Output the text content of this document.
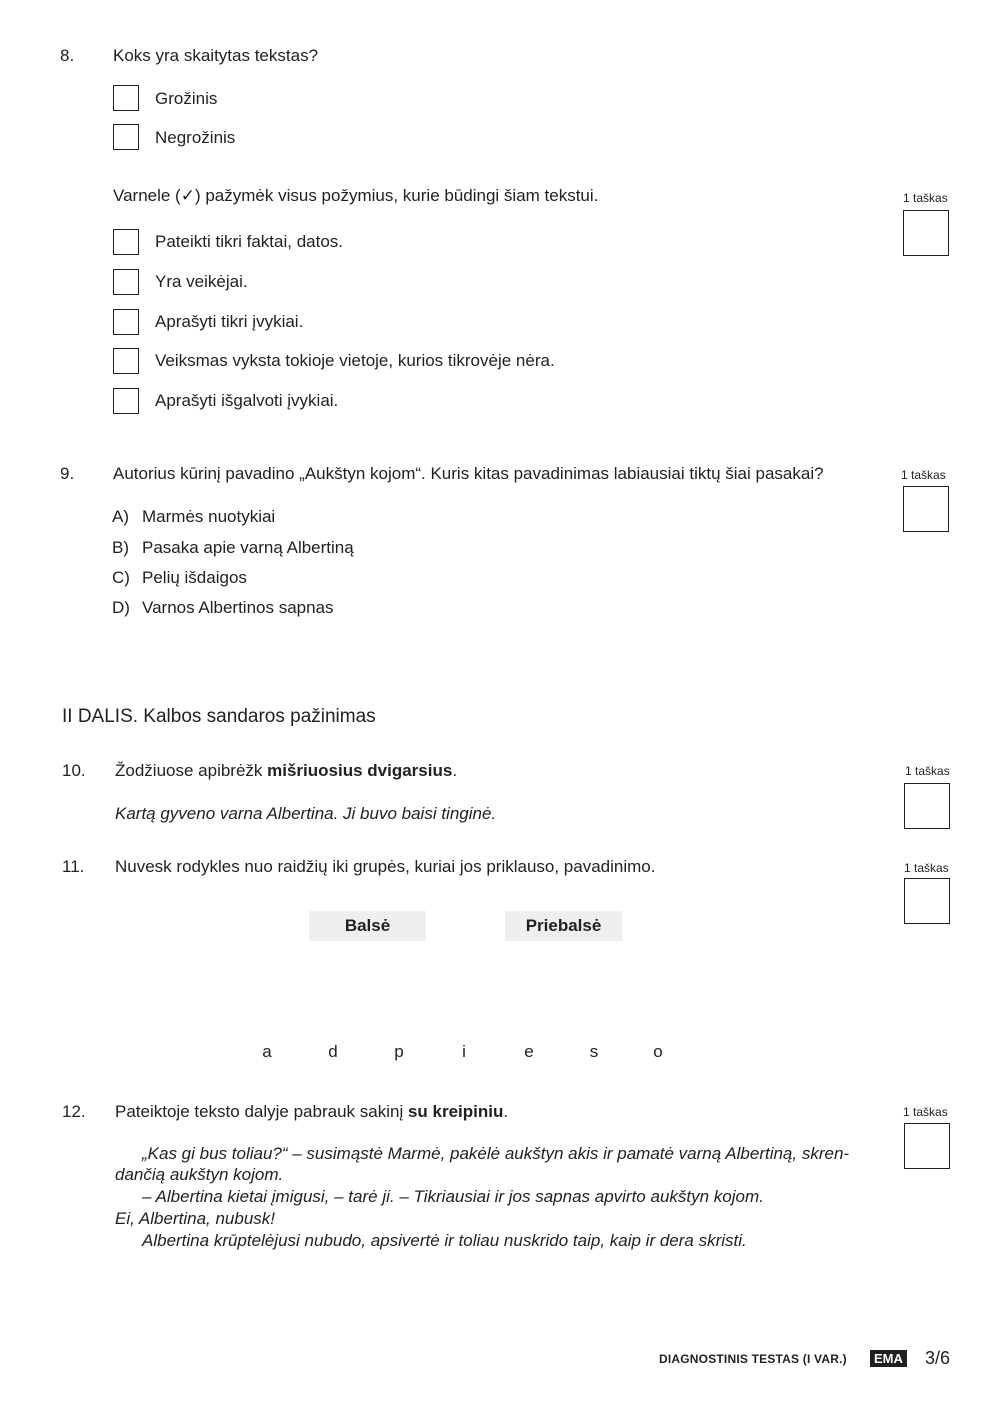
8. Koks yra skaitytas tekstas?
Grožinis
Negrožinis
Varnele (✓) pažymėk visus požymius, kurie būdingi šiam tekstui.	1 taškas
Pateikti tikri faktai, datos.
Yra veikėjai.
Aprašyti tikri įvykiai.
Veiksmas vyksta tokioje vietoje, kurios tikrovėje nėra.
Aprašyti išgalvoti įvykiai.
9. Autorius kūrinį pavadino „Aukštyn kojom“. Kuris kitas pavadinimas labiausiai tiktų šiai pasakai?	1 taškas
A) Marmės nuotykiai
B) Pasaka apie varną Albertiną
C) Pelių išdaigos
D) Varnos Albertinos sapnas
II DALIS. Kalbos sandaros pažinimas
10. Žodžiuose apibrėžk mišriuosius dvigarsius.	1 taškas
Kartą gyveno varna Albertina. Ji buvo baisi tinginė.
11. Nuvesk rodykles nuo raidžių iki grupės, kuriai jos priklauso, pavadinimo.	1 taškas
Balsė	Priebalsė
a	d	p	i	e	s	o
12. Pateiktoje teksto dalyje pabrauk sakinį su kreipiniu.	1 taškas
„Kas gi bus toliau?“ – susimąstė Marmė, pakėlė aukštyn akis ir pamatė varną Albertiną, skren-
dančią aukštyn kojom.
– Albertina kietai įmigusi, – tarė ji. – Tikriausiai ir jos sapnas apvirto aukštyn kojom.
Ei, Albertina, nubusk!
Albertina krūptelėjusi nubudo, apsivertė ir toliau nuskrido taip, kaip ir dera skristi.
DIAGNOSTINIS TESTAS (I VAR.)	EMA 3/6
